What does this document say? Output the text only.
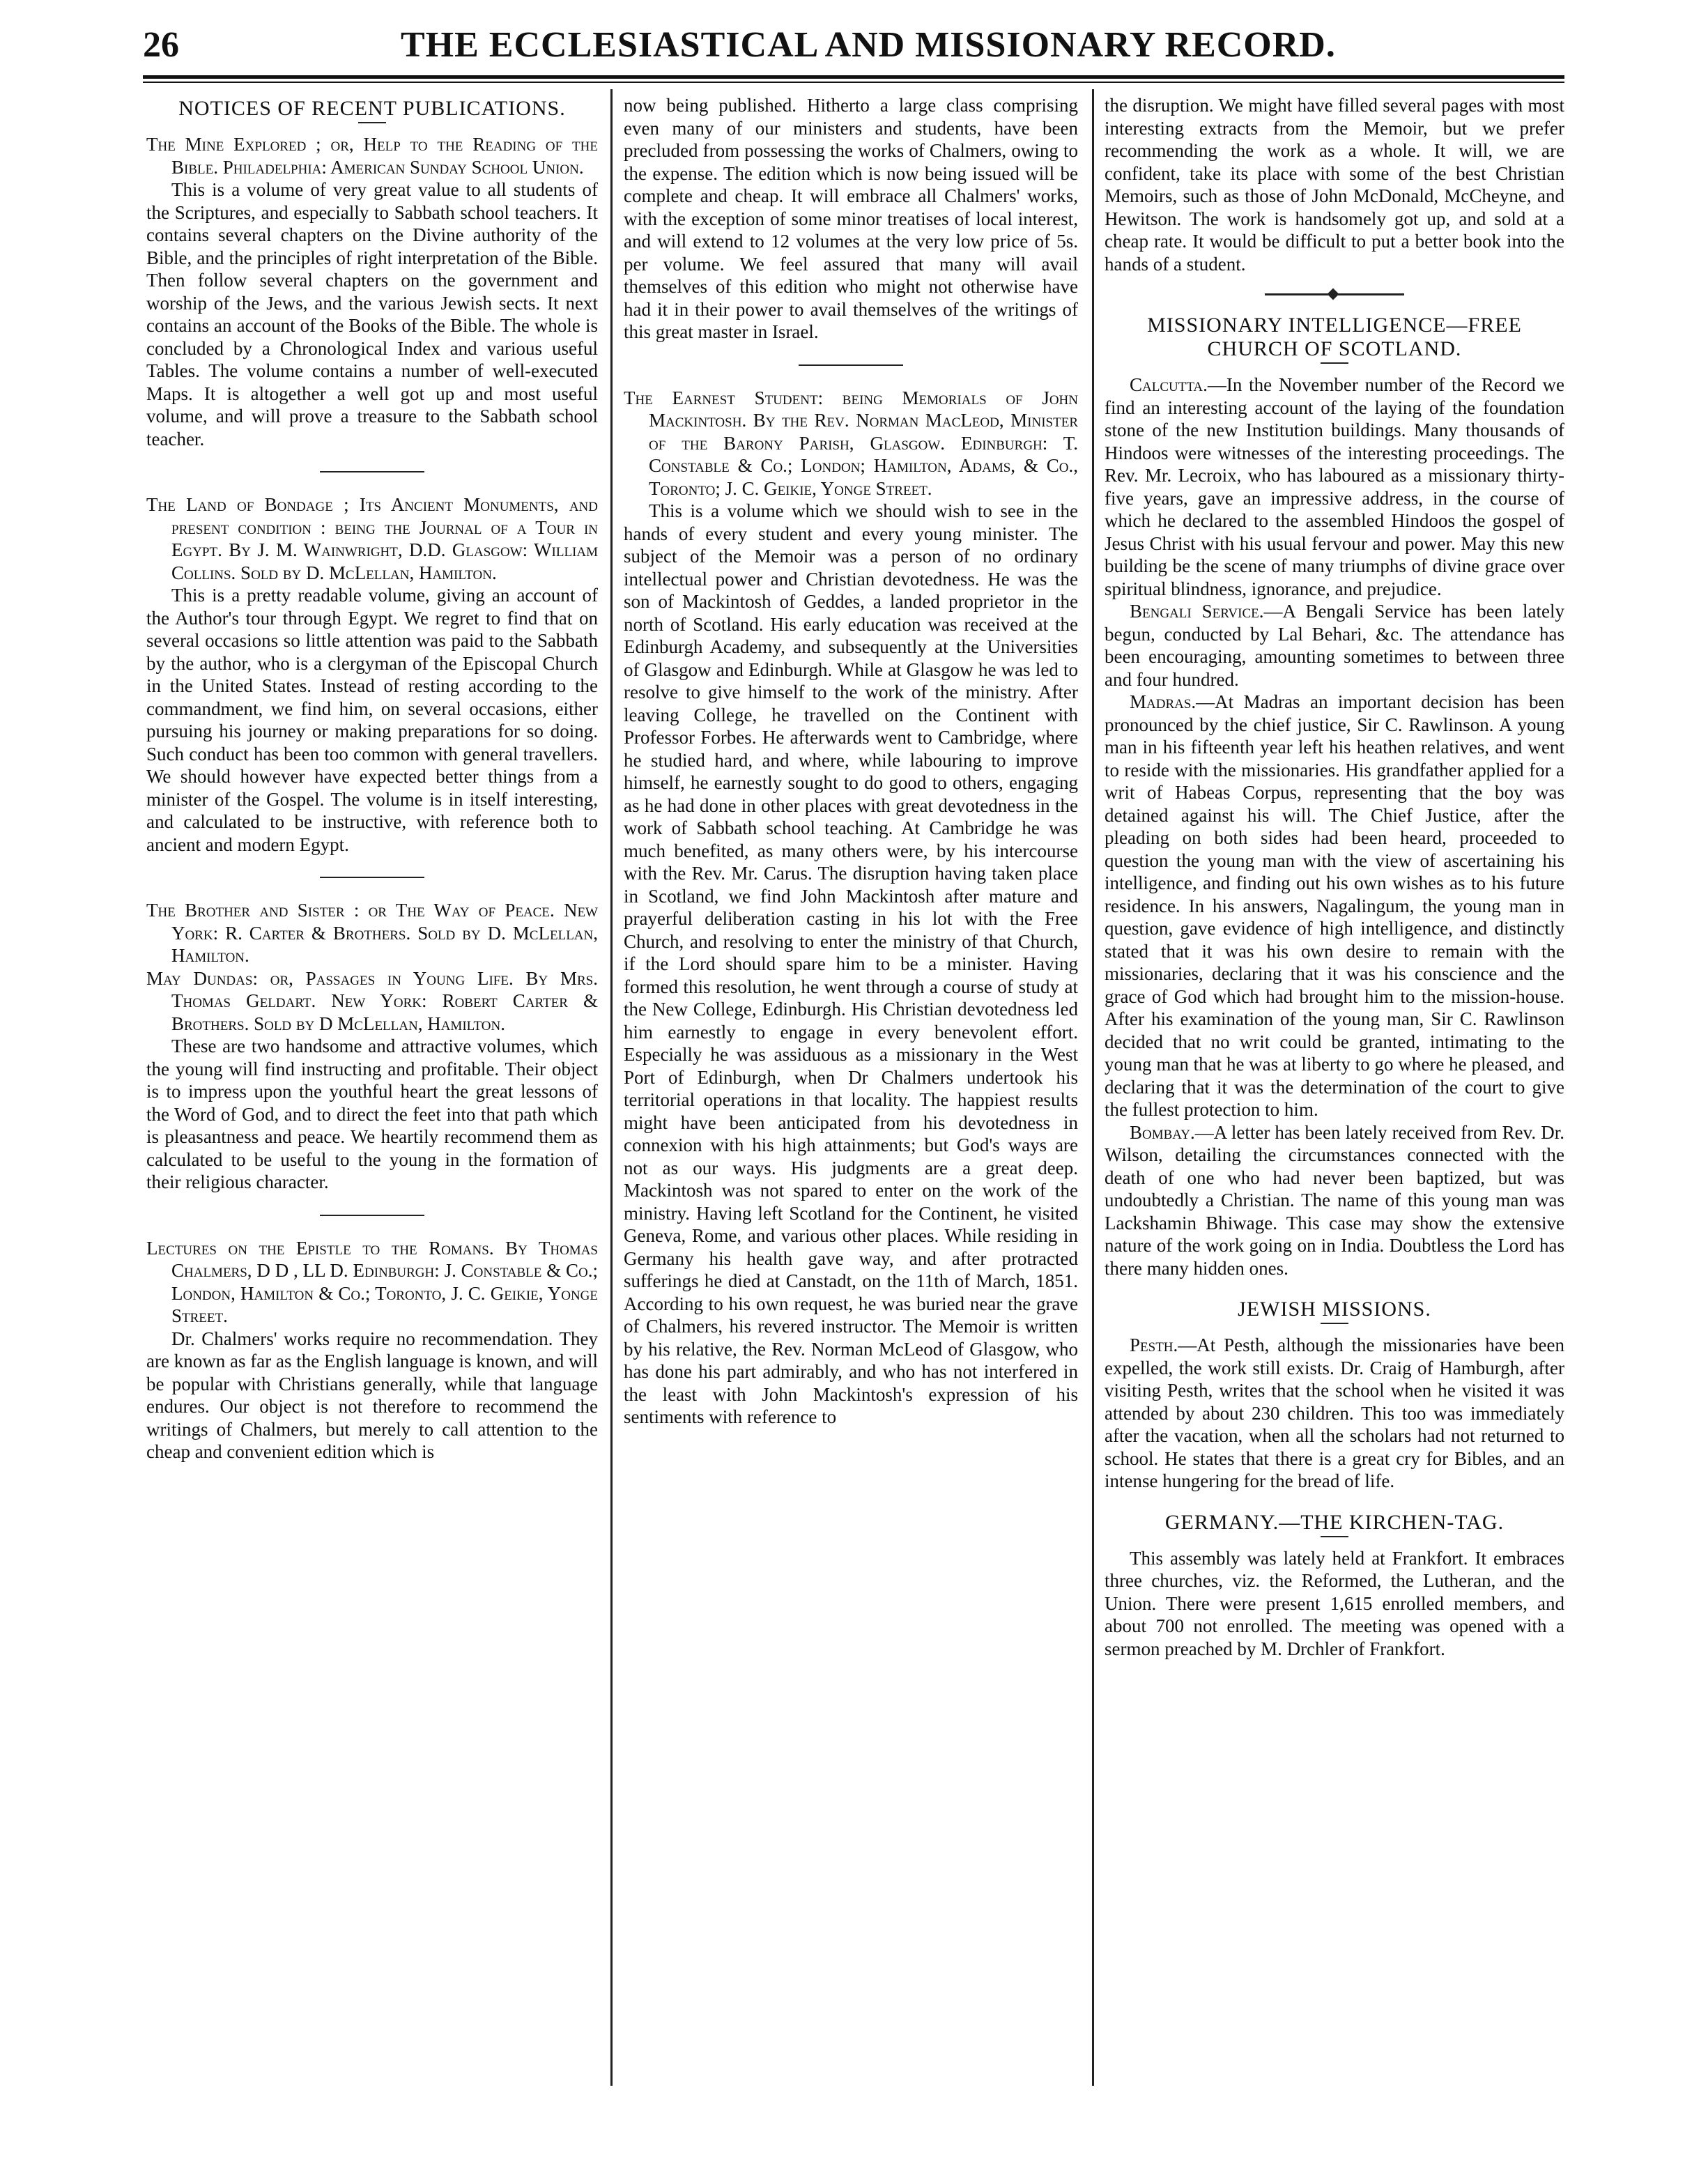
26	THE ECCLESIASTICAL AND MISSIONARY RECORD.
NOTICES OF RECENT PUBLICATIONS.

The Mine Explored ; or, Help to the Reading of the Bible. Philadelphia: American Sunday School Union.

This is a volume of very great value to all students of the Scriptures, and especially to Sabbath school teachers. It contains several chapters on the Divine authority of the Bible, and the principles of right interpretation of the Bible. Then follow several chapters on the government and worship of the Jews, and the various Jewish sects. It next contains an account of the Books of the Bible. The whole is concluded by a Chronological Index and various useful Tables. The volume contains a number of well-executed Maps. It is altogether a well got up and most useful volume, and will prove a treasure to the Sabbath school teacher.

The Land of Bondage ; Its Ancient Monuments, and present condition : being the Journal of a Tour in Egypt. By J. M. Wainwright, D.D. Glasgow: William Collins. Sold by D. McLellan, Hamilton.

This is a pretty readable volume, giving an account of the Author's tour through Egypt. We regret to find that on several occasions so little attention was paid to the Sabbath by the author, who is a clergyman of the Episcopal Church in the United States. Instead of resting according to the commandment, we find him, on several occasions, either pursuing his journey or making preparations for so doing. Such conduct has been too common with general travellers. We should however have expected better things from a minister of the Gospel. The volume is in itself interesting, and calculated to be instructive, with reference both to ancient and modern Egypt.

The Brother and Sister : or The Way of Peace. New York: R. Carter & Brothers. Sold by D. McLellan, Hamilton.

May Dundas: or, Passages in Young Life. By Mrs. Thomas Geldart. New York: Robert Carter & Brothers. Sold by D McLellan, Hamilton.

These are two handsome and attractive volumes, which the young will find instructing and profitable. Their object is to impress upon the youthful heart the great lessons of the Word of God, and to direct the feet into that path which is pleasantness and peace. We heartily recommend them as calculated to be useful to the young in the formation of their religious character.

Lectures on the Epistle to the Romans. By Thomas Chalmers, D D , LL D. Edinburgh: J. Constable & Co.; London, Hamilton & Co.; Toronto, J. C. Geikie, Yonge Street.

Dr. Chalmers' works require no recommendation. They are known as far as the English language is known, and will be popular with Christians generally, while that language endures. Our object is not therefore to recommend the writings of Chalmers, but merely to call attention to the cheap and convenient edition which is

now being published. Hitherto a large class comprising even many of our ministers and students, have been precluded from possessing the works of Chalmers, owing to the expense. The edition which is now being issued will be complete and cheap. It will embrace all Chalmers' works, with the exception of some minor treatises of local interest, and will extend to 12 volumes at the very low price of 5s. per volume. We feel assured that many will avail themselves of this edition who might not otherwise have had it in their power to avail themselves of the writings of this great master in Israel.

The Earnest Student: being Memorials of John Mackintosh. By the Rev. Norman MacLeod, Minister of the Barony Parish, Glasgow. Edinburgh: T. Constable & Co.; London; Hamilton, Adams, & Co., Toronto; J. C. Geikie, Yonge Street.

This is a volume which we should wish to see in the hands of every student and every young minister. The subject of the Memoir was a person of no ordinary intellectual power and Christian devotedness. He was the son of Mackintosh of Geddes, a landed proprietor in the north of Scotland. His early education was received at the Edinburgh Academy, and subsequently at the Universities of Glasgow and Edinburgh. While at Glasgow he was led to resolve to give himself to the work of the ministry. After leaving College, he travelled on the Continent with Professor Forbes. He afterwards went to Cambridge, where he studied hard, and where, while labouring to improve himself, he earnestly sought to do good to others, engaging as he had done in other places with great devotedness in the work of Sabbath school teaching. At Cambridge he was much benefited, as many others were, by his intercourse with the Rev. Mr. Carus. The disruption having taken place in Scotland, we find John Mackintosh after mature and prayerful deliberation casting in his lot with the Free Church, and resolving to enter the ministry of that Church, if the Lord should spare him to be a minister. Having formed this resolution, he went through a course of study at the New College, Edinburgh. His Christian devotedness led him earnestly to engage in every benevolent effort. Especially he was assiduous as a missionary in the West Port of Edinburgh, when Dr Chalmers undertook his territorial operations in that locality. The happiest results might have been anticipated from his devotedness in connexion with his high attainments; but God's ways are not as our ways. His judgments are a great deep. Mackintosh was not spared to enter on the work of the ministry. Having left Scotland for the Continent, he visited Geneva, Rome, and various other places. While residing in Germany his health gave way, and after protracted sufferings he died at Canstadt, on the 11th of March, 1851. According to his own request, he was buried near the grave of Chalmers, his revered instructor. The Memoir is written by his relative, the Rev. Norman McLeod of Glasgow, who has done his part admirably, and who has not interfered in the least with John Mackintosh's expression of his sentiments with reference to

the disruption. We might have filled several pages with most interesting extracts from the Memoir, but we prefer recommending the work as a whole. It will, we are confident, take its place with some of the best Christian Memoirs, such as those of John McDonald, McCheyne, and Hewitson. The work is handsomely got up, and sold at a cheap rate. It would be difficult to put a better book into the hands of a student.

MISSIONARY INTELLIGENCE—FREE CHURCH OF SCOTLAND.

Calcutta.—In the November number of the Record we find an interesting account of the laying of the foundation stone of the new Institution buildings. Many thousands of Hindoos were witnesses of the interesting proceedings. The Rev. Mr. Lecroix, who has laboured as a missionary thirty-five years, gave an impressive address, in the course of which he declared to the assembled Hindoos the gospel of Jesus Christ with his usual fervour and power. May this new building be the scene of many triumphs of divine grace over spiritual blindness, ignorance, and prejudice.

Bengali Service.—A Bengali Service has been lately begun, conducted by Lal Behari, &c. The attendance has been encouraging, amounting sometimes to between three and four hundred.

Madras.—At Madras an important decision has been pronounced by the chief justice, Sir C. Rawlinson. A young man in his fifteenth year left his heathen relatives, and went to reside with the missionaries. His grandfather applied for a writ of Habeas Corpus, representing that the boy was detained against his will. The Chief Justice, after the pleading on both sides had been heard, proceeded to question the young man with the view of ascertaining his intelligence, and finding out his own wishes as to his future residence. In his answers, Nagalingum, the young man in question, gave evidence of high intelligence, and distinctly stated that it was his own desire to remain with the missionaries, declaring that it was his conscience and the grace of God which had brought him to the mission-house. After his examination of the young man, Sir C. Rawlinson decided that no writ could be granted, intimating to the young man that he was at liberty to go where he pleased, and declaring that it was the determination of the court to give the fullest protection to him.

Bombay.—A letter has been lately received from Rev. Dr. Wilson, detailing the circumstances connected with the death of one who had never been baptized, but was undoubtedly a Christian. The name of this young man was Lackshamin Bhiwage. This case may show the extensive nature of the work going on in India. Doubtless the Lord has there many hidden ones.

JEWISH MISSIONS.

Pesth.—At Pesth, although the missionaries have been expelled, the work still exists. Dr. Craig of Hamburgh, after visiting Pesth, writes that the school when he visited it was attended by about 230 children. This too was immediately after the vacation, when all the scholars had not returned to school. He states that there is a great cry for Bibles, and an intense hungering for the bread of life.

GERMANY.—THE KIRCHEN-TAG.

This assembly was lately held at Frankfort. It embraces three churches, viz. the Reformed, the Lutheran, and the Union. There were present 1,615 enrolled members, and about 700 not enrolled. The meeting was opened with a sermon preached by M. Drchler of Frankfort.
